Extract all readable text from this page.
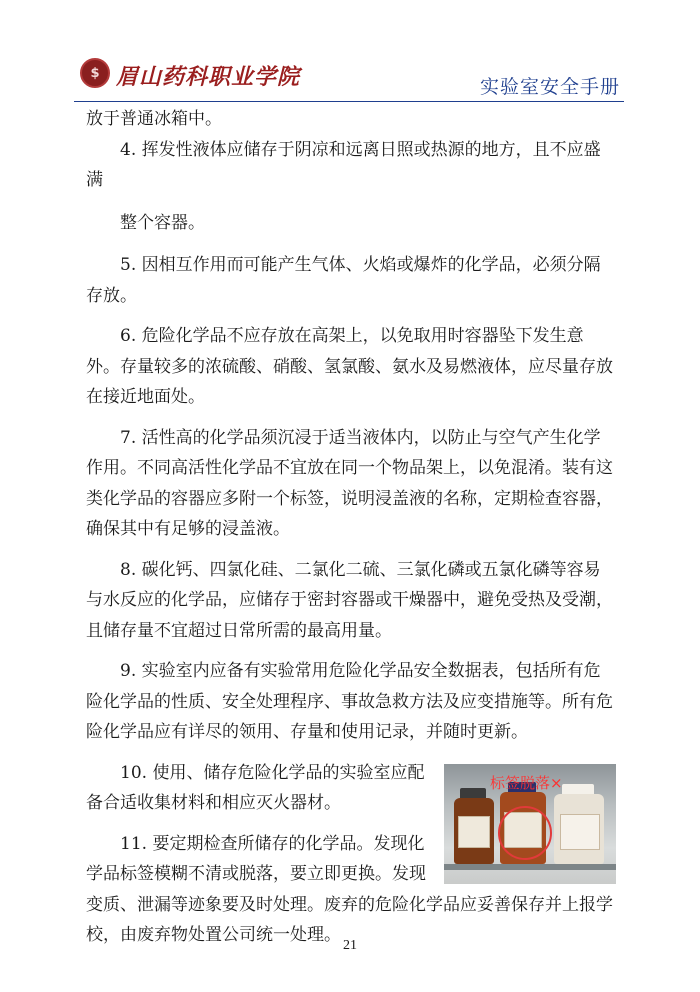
$ 眉山药科职业学院	实验室安全手册

放于普通冰箱中。

4. 挥发性液体应储存于阴凉和远离日照或热源的地方，且不应盛满

整个容器。

5. 因相互作用而可能产生气体、火焰或爆炸的化学品，必须分隔存放。

6. 危险化学品不应存放在高架上，以免取用时容器坠下发生意外。存量较多的浓硫酸、硝酸、氢氯酸、氨水及易燃液体，应尽量存放在接近地面处。

7. 活性高的化学品须沉浸于适当液体内，以防止与空气产生化学作用。不同高活性化学品不宜放在同一个物品架上，以免混淆。装有这类化学品的容器应多附一个标签，说明浸盖液的名称，定期检查容器，确保其中有足够的浸盖液。

8. 碳化钙、四氯化硅、二氯化二硫、三氯化磷或五氯化磷等容易与水反应的化学品，应储存于密封容器或干燥器中，避免受热及受潮，且储存量不宜超过日常所需的最高用量。

9. 实验室内应备有实验常用危险化学品安全数据表，包括所有危险化学品的性质、安全处理程序、事故急救方法及应变措施等。所有危险化学品应有详尽的领用、存量和使用记录，并随时更新。

标签脱落×

10. 使用、储存危险化学品的实验室应配备合适收集材料和相应灭火器材。

11. 要定期检查所储存的化学品。发现化学品标签模糊不清或脱落，要立即更换。发现变质、泄漏等迹象要及时处理。废弃的危险化学品应妥善保存并上报学校，由废弃物处置公司统一处理。

21
